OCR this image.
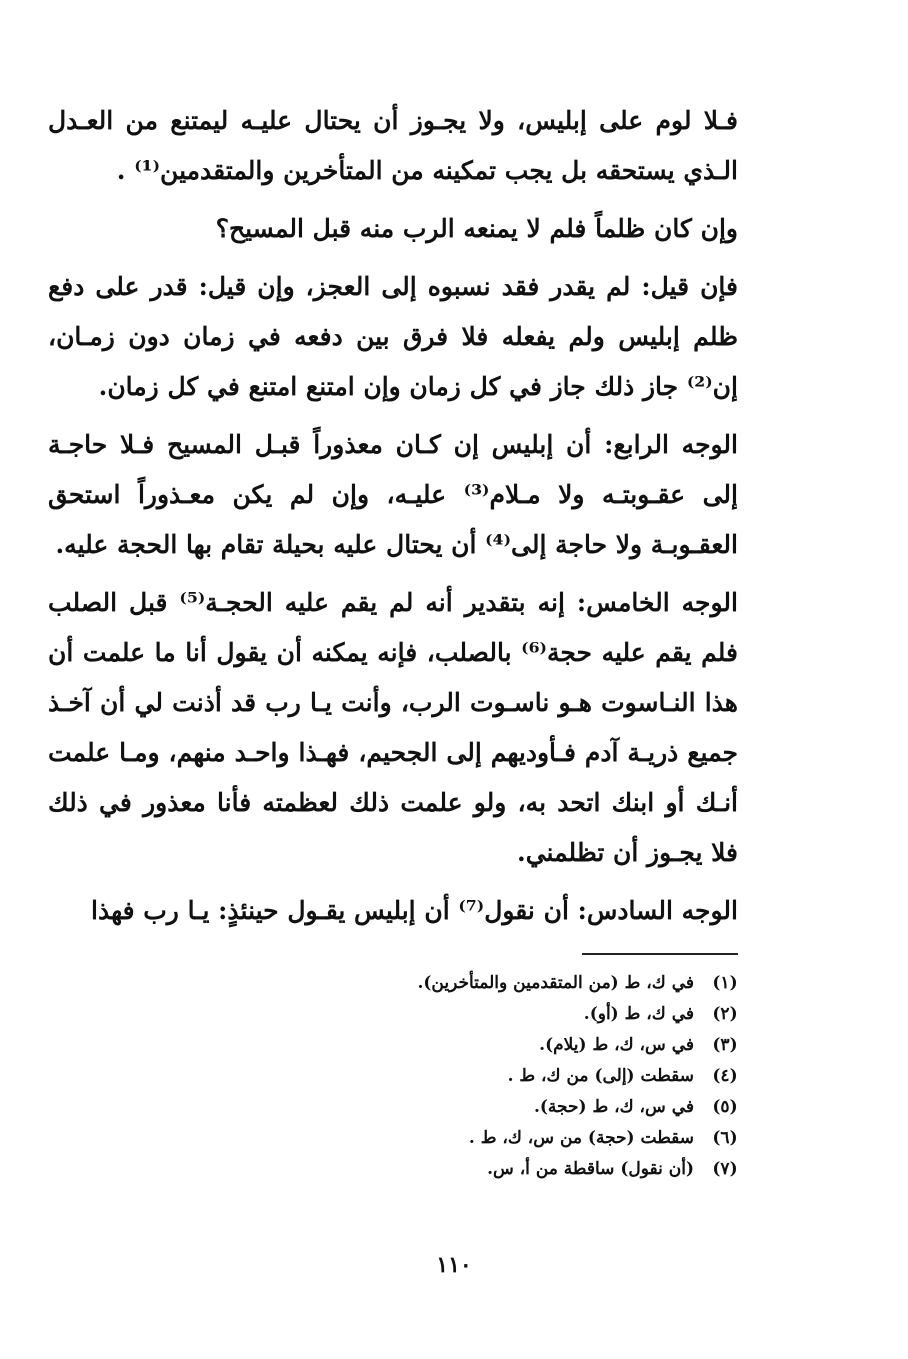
فـلا لوم على إبليس، ولا يجـوز أن يحتال عليـه ليمتنع من العـدل الـذي يستحقه بل يجب تمكينه من المتأخرين والمتقدمين⁽¹⁾ .

وإن كان ظلماً فلم لا يمنعه الرب منه قبل المسيح؟

فإن قيل: لم يقدر فقد نسبوه إلى العجز، وإن قيل: قدر على دفع ظلم إبليس ولم يفعله فلا فرق بين دفعه في زمان دون زمـان، إن⁽²⁾ جاز ذلك جاز في كل زمان وإن امتنع امتنع في كل زمان.

الوجه الرابع: أن إبليس إن كـان معذوراً قبـل المسيح فـلا حاجـة إلى عقـوبتـه ولا مـلام⁽³⁾ عليـه، وإن لم يكن معـذوراً استحق العقـوبـة ولا حاجة إلى⁽⁴⁾ أن يحتال عليه بحيلة تقام بها الحجة عليه.

الوجه الخامس: إنه بتقدير أنه لم يقم عليه الحجـة⁽⁵⁾ قبل الصلب فلم يقم عليه حجة⁽⁶⁾ بالصلب، فإنه يمكنه أن يقول أنا ما علمت أن هذا النـاسوت هـو ناسـوت الرب، وأنت يـا رب قد أذنت لي أن آخـذ جميع ذريـة آدم فـأوديهم إلى الجحيم، فهـذا واحـد منهم، ومـا علمت أنـك أو ابنك اتحد به، ولو علمت ذلك لعظمته فأنا معذور في ذلك فلا يجـوز أن تظلمني.

الوجه السادس: أن نقول⁽⁷⁾ أن إبليس يقـول حينئذٍ: يـا رب فهذا

(١)
في ك، ط (من المتقدمين والمتأخرين).
(٢)
في ك، ط (أو).
(٣)
في س، ك، ط (يلام).
(٤)
سقطت (إلى) من ك، ط .
(٥)
في س، ك، ط (حجة).
(٦)
سقطت (حجة) من س، ك، ط .
(٧)
(أن نقول) ساقطة من أ، س.
١١٠
